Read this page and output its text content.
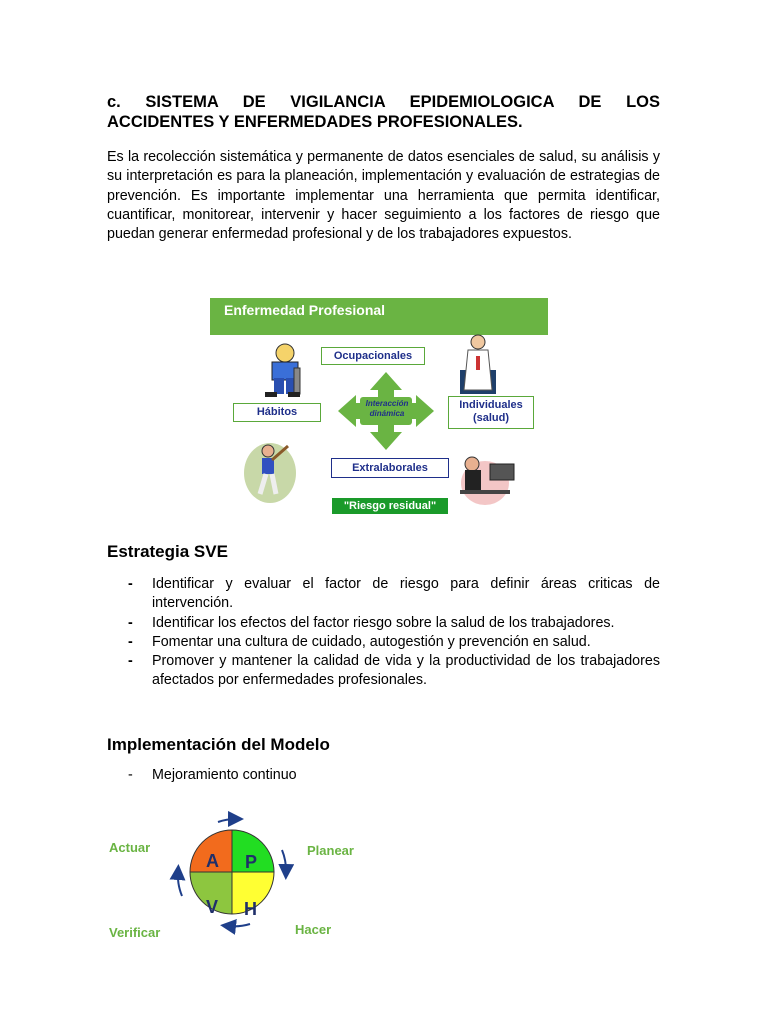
c. SISTEMA DE VIGILANCIA EPIDEMIOLOGICA DE LOS
ACCIDENTES Y ENFERMEDADES PROFESIONALES.
Es la recolección sistemática y permanente de datos esenciales de salud, su análisis y su interpretación es para la planeación, implementación y evaluación de estrategias de prevención. Es importante implementar una herramienta que permita identificar, cuantificar, monitorear, intervenir y hacer seguimiento a los factores de riesgo que puedan generar enfermedad profesional y de los trabajadores expuestos.
Enfermedad Profesional
Ocupacionales
Hábitos
Individuales
(salud)
Extralaborales
Interacción
dinámica
"Riesgo residual"
Estrategia SVE
- Identificar y evaluar el factor de riesgo para definir áreas criticas de intervención.
- Identificar los efectos del factor riesgo sobre la salud de los trabajadores.
- Fomentar una cultura de cuidado, autogestión y prevención en salud.
- Promover y mantener la calidad de vida y la productividad de los trabajadores afectados por enfermedades profesionales.
Implementación del Modelo
- Mejoramiento continuo
A P
V H
Actuar	Planear
Verificar	Hacer
